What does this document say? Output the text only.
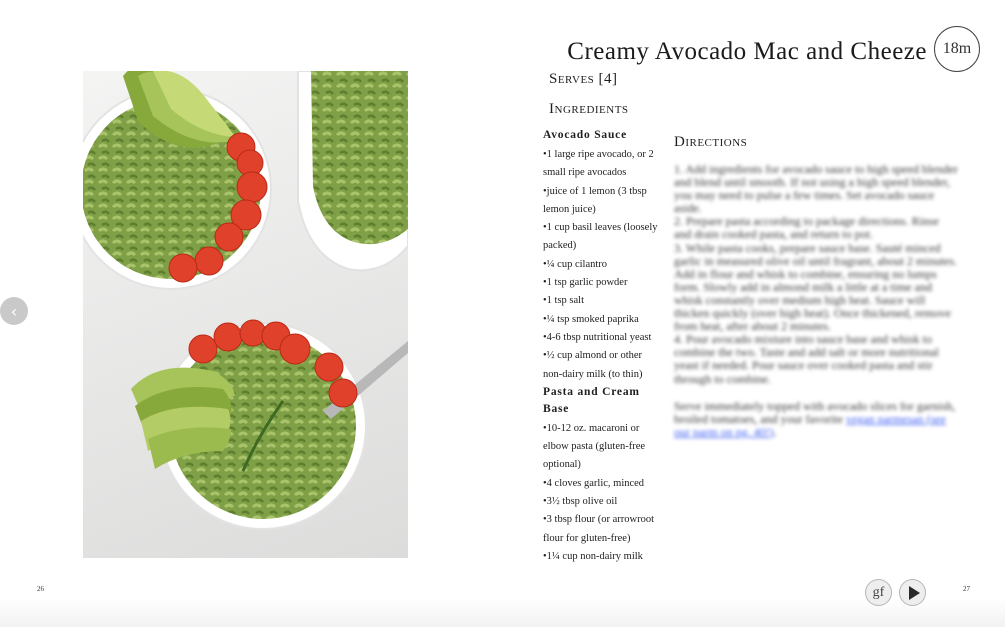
‹
Creamy Avocado Mac and Cheeze 18m
Serves [4]
Ingredients
Avocado Sauce
•1 large ripe avocado, or 2 small ripe avocados
•juice of 1 lemon (3 tbsp lemon juice)
•1 cup basil leaves (loosely packed)
•¼ cup cilantro
•1 tsp garlic powder
•1 tsp salt
•¼ tsp smoked paprika
•4-6 tbsp nutritional yeast
•½ cup almond or other non-dairy milk (to thin)
Pasta and Cream Base
•10-12 oz. macaroni or elbow pasta (gluten-free optional)
•4 cloves garlic, minced
•3½ tbsp olive oil
•3 tbsp flour (or arrowroot flour for gluten-free)
•1¼ cup non-dairy milk
Directions

1. Add ingredients for avocado sauce to high speed blender and blend until smooth. If not using a high speed blender, you may need to pulse a few times. Set avocado sauce aside.

2. Prepare pasta according to package directions. Rinse and drain cooked pasta, and return to pot.

3. While pasta cooks, prepare sauce base. Sauté minced garlic in measured olive oil until fragrant, about 2 minutes. Add in flour and whisk to combine, ensuring no lumps form. Slowly add in almond milk a little at a time and whisk constantly over medium high heat. Sauce will thicken quickly (over high heat). Once thickened, remove from heat, after about 2 minutes.

4. Pour avocado mixture into sauce base and whisk to combine the two. Taste and add salt or more nutritional yeast if needed. Pour sauce over cooked pasta and stir through to combine.

Serve immediately topped with avocado slices for garnish, broiled tomatoes, and your favorite vegan parmesan (see our parm on pg. 40!).

26	27
gf
